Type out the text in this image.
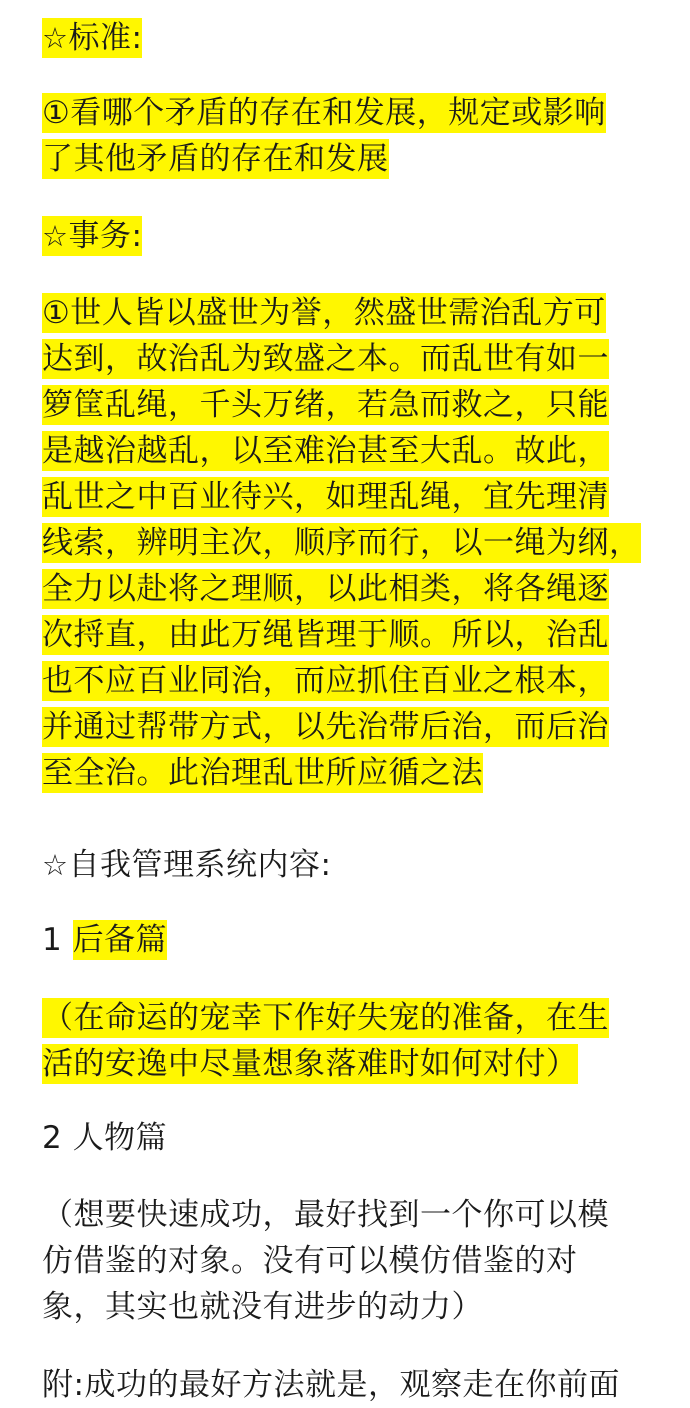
☆标准:
①看哪个矛盾的存在和发展，规定或影响
了其他矛盾的存在和发展
☆事务:
①世人皆以盛世为誉，然盛世需治乱方可
达到，故治乱为致盛之本。而乱世有如一
箩筐乱绳，千头万绪，若急而救之，只能
是越治越乱，以至难治甚至大乱。故此，
乱世之中百业待兴，如理乱绳，宜先理清
线索，辨明主次，顺序而行，以一绳为纲，
全力以赴将之理顺，以此相类，将各绳逐
次捋直，由此万绳皆理于顺。所以，治乱
也不应百业同治，而应抓住百业之根本，
并通过帮带方式，以先治带后治，而后治
至全治。此治理乱世所应循之法
☆自我管理系统内容:
1 后备篇
（在命运的宠幸下作好失宠的准备，在生
活的安逸中尽量想象落难时如何对付）
2 人物篇
（想要快速成功，最好找到一个你可以模
仿借鉴的对象。没有可以模仿借鉴的对
象，其实也就没有进步的动力）
附:成功的最好方法就是，观察走在你前面
